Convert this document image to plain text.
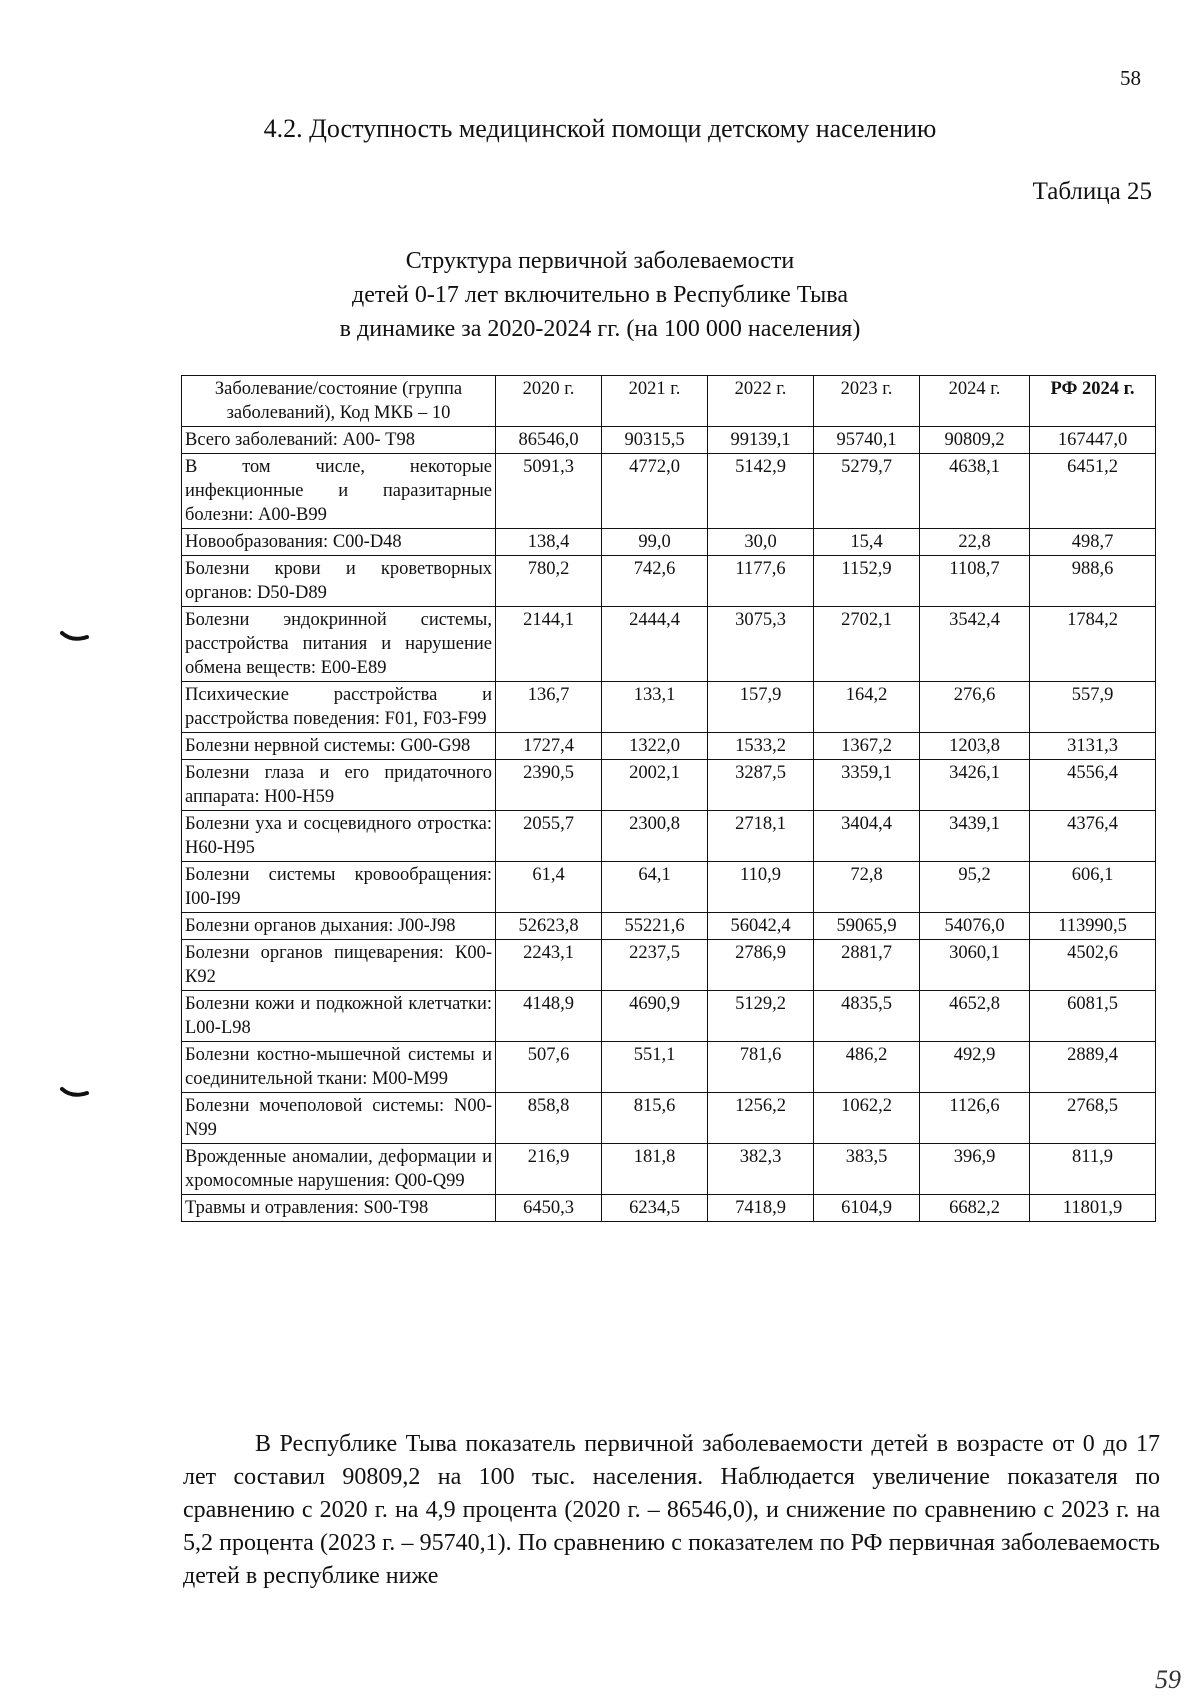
58
4.2. Доступность медицинской помощи детскому населению
Таблица 25
Структура первичной заболеваемости
детей 0-17 лет включительно в Республике Тыва
в динамике за 2020-2024 гг. (на 100 000 населения)
Заболевание/состояние (группа заболеваний), Код МКБ – 10	2020 г.	2021 г.	2022 г.	2023 г.	2024 г.	РФ 2024 г.
Всего заболеваний: А00- Т98	86546,0	90315,5	99139,1	95740,1	90809,2	167447,0
В том числе, некоторые инфекционные и паразитарные болезни: А00-В99	5091,3	4772,0	5142,9	5279,7	4638,1	6451,2
Новообразования: С00-D48	138,4	99,0	30,0	15,4	22,8	498,7
Болезни крови и кроветворных органов: D50-D89	780,2	742,6	1177,6	1152,9	1108,7	988,6
Болезни эндокринной системы, расстройства питания и нарушение обмена веществ: Е00-Е89	2144,1	2444,4	3075,3	2702,1	3542,4	1784,2
Психические расстройства и расстройства поведения: F01, F03-F99	136,7	133,1	157,9	164,2	276,6	557,9
Болезни нервной системы: G00-G98	1727,4	1322,0	1533,2	1367,2	1203,8	3131,3
Болезни глаза и его придаточного аппарата: Н00-Н59	2390,5	2002,1	3287,5	3359,1	3426,1	4556,4
Болезни уха и сосцевидного отростка: Н60-Н95	2055,7	2300,8	2718,1	3404,4	3439,1	4376,4
Болезни системы кровообращения: I00-I99	61,4	64,1	110,9	72,8	95,2	606,1
Болезни органов дыхания: J00-J98	52623,8	55221,6	56042,4	59065,9	54076,0	113990,5
Болезни органов пищеварения: К00-К92	2243,1	2237,5	2786,9	2881,7	3060,1	4502,6
Болезни кожи и подкожной клетчатки: L00-L98	4148,9	4690,9	5129,2	4835,5	4652,8	6081,5
Болезни костно-мышечной системы и соединительной ткани: М00-М99	507,6	551,1	781,6	486,2	492,9	2889,4
Болезни мочеполовой системы: N00-N99	858,8	815,6	1256,2	1062,2	1126,6	2768,5
Врожденные аномалии, деформации и хромосомные нарушения: Q00-Q99	216,9	181,8	382,3	383,5	396,9	811,9
Травмы и отравления: S00-T98	6450,3	6234,5	7418,9	6104,9	6682,2	11801,9
В Республике Тыва показатель первичной заболеваемости детей в возрасте от 0 до 17 лет составил 90809,2 на 100 тыс. населения. Наблюдается увеличение показателя по сравнению с 2020 г. на 4,9 процента (2020 г. – 86546,0), и снижение по сравнению с 2023 г. на 5,2 процента (2023 г. – 95740,1). По сравнению с показателем по РФ первичная заболеваемость детей в республике ниже
59
